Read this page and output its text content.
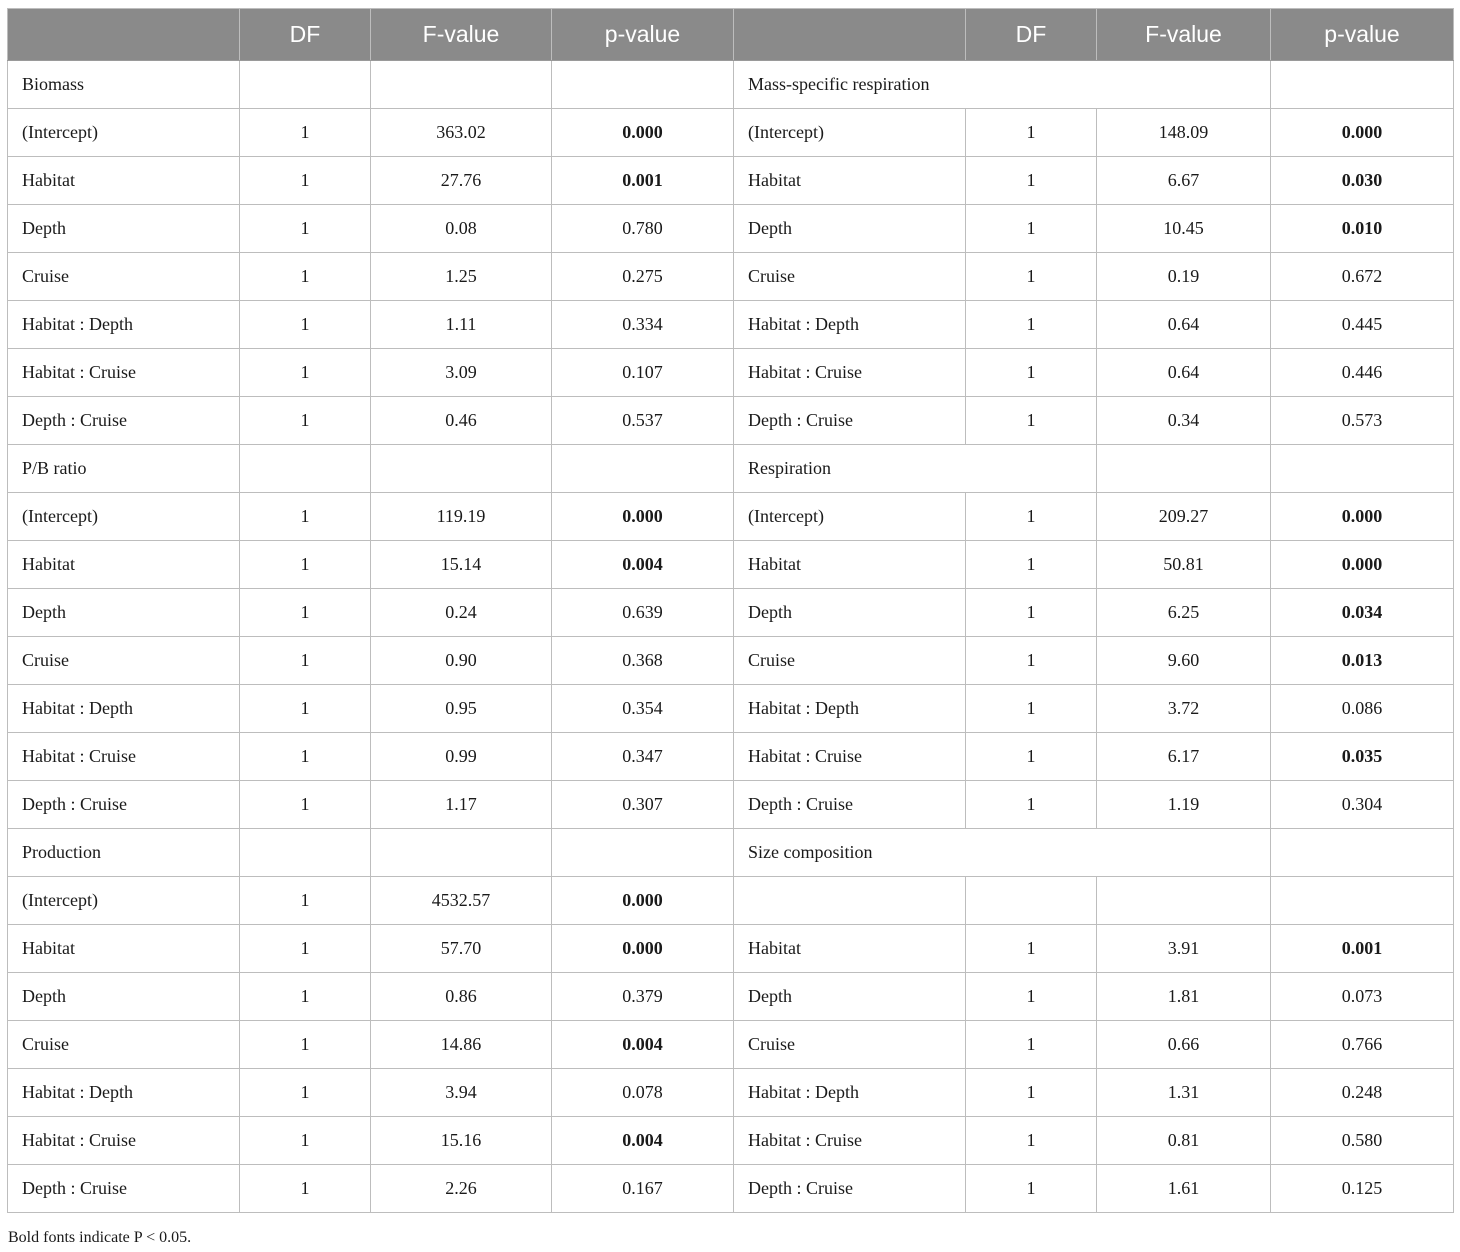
	DF	F-value	p-value		DF	F-value	p-value
Biomass				Mass-specific respiration			
(Intercept)	1	363.02	0.000	(Intercept)	1	148.09	0.000
Habitat	1	27.76	0.001	Habitat	1	6.67	0.030
Depth	1	0.08	0.780	Depth	1	10.45	0.010
Cruise	1	1.25	0.275	Cruise	1	0.19	0.672
Habitat : Depth	1	1.11	0.334	Habitat : Depth	1	0.64	0.445
Habitat : Cruise	1	3.09	0.107	Habitat : Cruise	1	0.64	0.446
Depth : Cruise	1	0.46	0.537	Depth : Cruise	1	0.34	0.573
P/B ratio				Respiration			
(Intercept)	1	119.19	0.000	(Intercept)	1	209.27	0.000
Habitat	1	15.14	0.004	Habitat	1	50.81	0.000
Depth	1	0.24	0.639	Depth	1	6.25	0.034
Cruise	1	0.90	0.368	Cruise	1	9.60	0.013
Habitat : Depth	1	0.95	0.354	Habitat : Depth	1	3.72	0.086
Habitat : Cruise	1	0.99	0.347	Habitat : Cruise	1	6.17	0.035
Depth : Cruise	1	1.17	0.307	Depth : Cruise	1	1.19	0.304
Production				Size composition			
(Intercept)	1	4532.57	0.000				
Habitat	1	57.70	0.000	Habitat	1	3.91	0.001
Depth	1	0.86	0.379	Depth	1	1.81	0.073
Cruise	1	14.86	0.004	Cruise	1	0.66	0.766
Habitat : Depth	1	3.94	0.078	Habitat : Depth	1	1.31	0.248
Habitat : Cruise	1	15.16	0.004	Habitat : Cruise	1	0.81	0.580
Depth : Cruise	1	2.26	0.167	Depth : Cruise	1	1.61	0.125
Bold fonts indicate P < 0.05.
